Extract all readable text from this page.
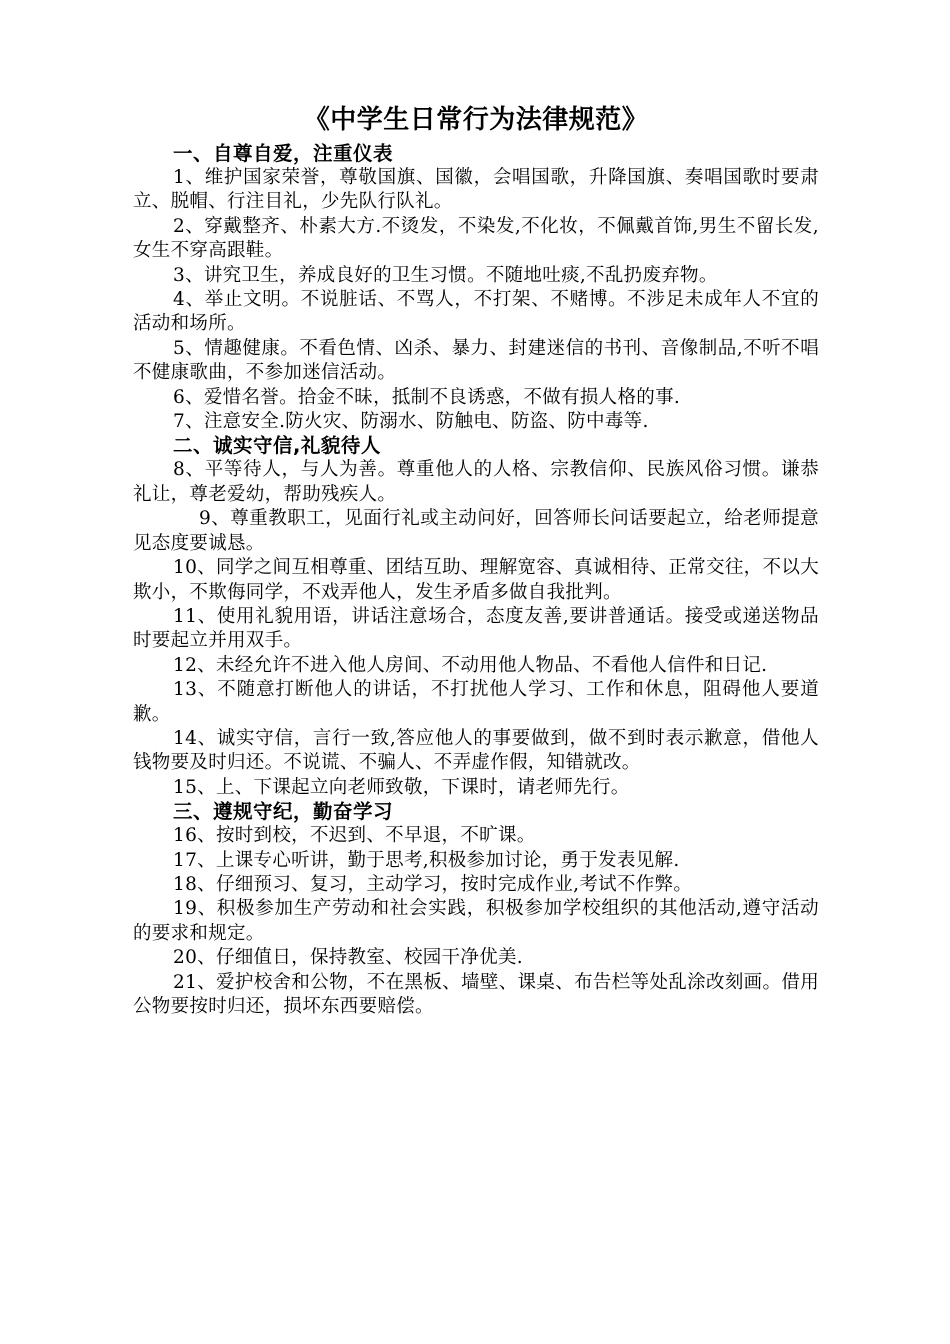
《中学生日常行为法律规范》

一、自尊自爱，注重仪表

1、维护国家荣誉，尊敬国旗、国徽，会唱国歌，升降国旗、奏唱国歌时要肃立、脱帽、行注目礼，少先队行队礼。

2、穿戴整齐、朴素大方.不烫发，不染发,不化妆，不佩戴首饰,男生不留长发,女生不穿高跟鞋。

3、讲究卫生，养成良好的卫生习惯。不随地吐痰,不乱扔废弃物。

4、举止文明。不说脏话、不骂人，不打架、不赌博。不涉足未成年人不宜的活动和场所。

5、情趣健康。不看色情、凶杀、暴力、封建迷信的书刊、音像制品,不听不唱不健康歌曲，不参加迷信活动。

6、爱惜名誉。拾金不昧，抵制不良诱惑，不做有损人格的事.

7、注意安全.防火灾、防溺水、防触电、防盗、防中毒等.

二、诚实守信,礼貌待人

8、平等待人，与人为善。尊重他人的人格、宗教信仰、民族风俗习惯。谦恭礼让，尊老爱幼，帮助残疾人。

9、尊重教职工，见面行礼或主动问好，回答师长问话要起立，给老师提意见态度要诚恳。

10、同学之间互相尊重、团结互助、理解宽容、真诚相待、正常交往，不以大欺小，不欺侮同学，不戏弄他人，发生矛盾多做自我批判。

11、使用礼貌用语，讲话注意场合，态度友善,要讲普通话。接受或递送物品时要起立并用双手。

12、未经允许不进入他人房间、不动用他人物品、不看他人信件和日记.

13、不随意打断他人的讲话，不打扰他人学习、工作和休息，阻碍他人要道歉。

14、诚实守信，言行一致,答应他人的事要做到，做不到时表示歉意，借他人钱物要及时归还。不说谎、不骗人、不弄虚作假，知错就改。

15、上、下课起立向老师致敬，下课时，请老师先行。

三、遵规守纪，勤奋学习

16、按时到校，不迟到、不早退，不旷课。

17、上课专心听讲，勤于思考,积极参加讨论，勇于发表见解.

18、仔细预习、复习，主动学习，按时完成作业,考试不作弊。

19、积极参加生产劳动和社会实践，积极参加学校组织的其他活动,遵守活动的要求和规定。

20、仔细值日，保持教室、校园干净优美.

21、爱护校舍和公物，不在黑板、墙壁、课桌、布告栏等处乱涂改刻画。借用公物要按时归还，损坏东西要赔偿。
